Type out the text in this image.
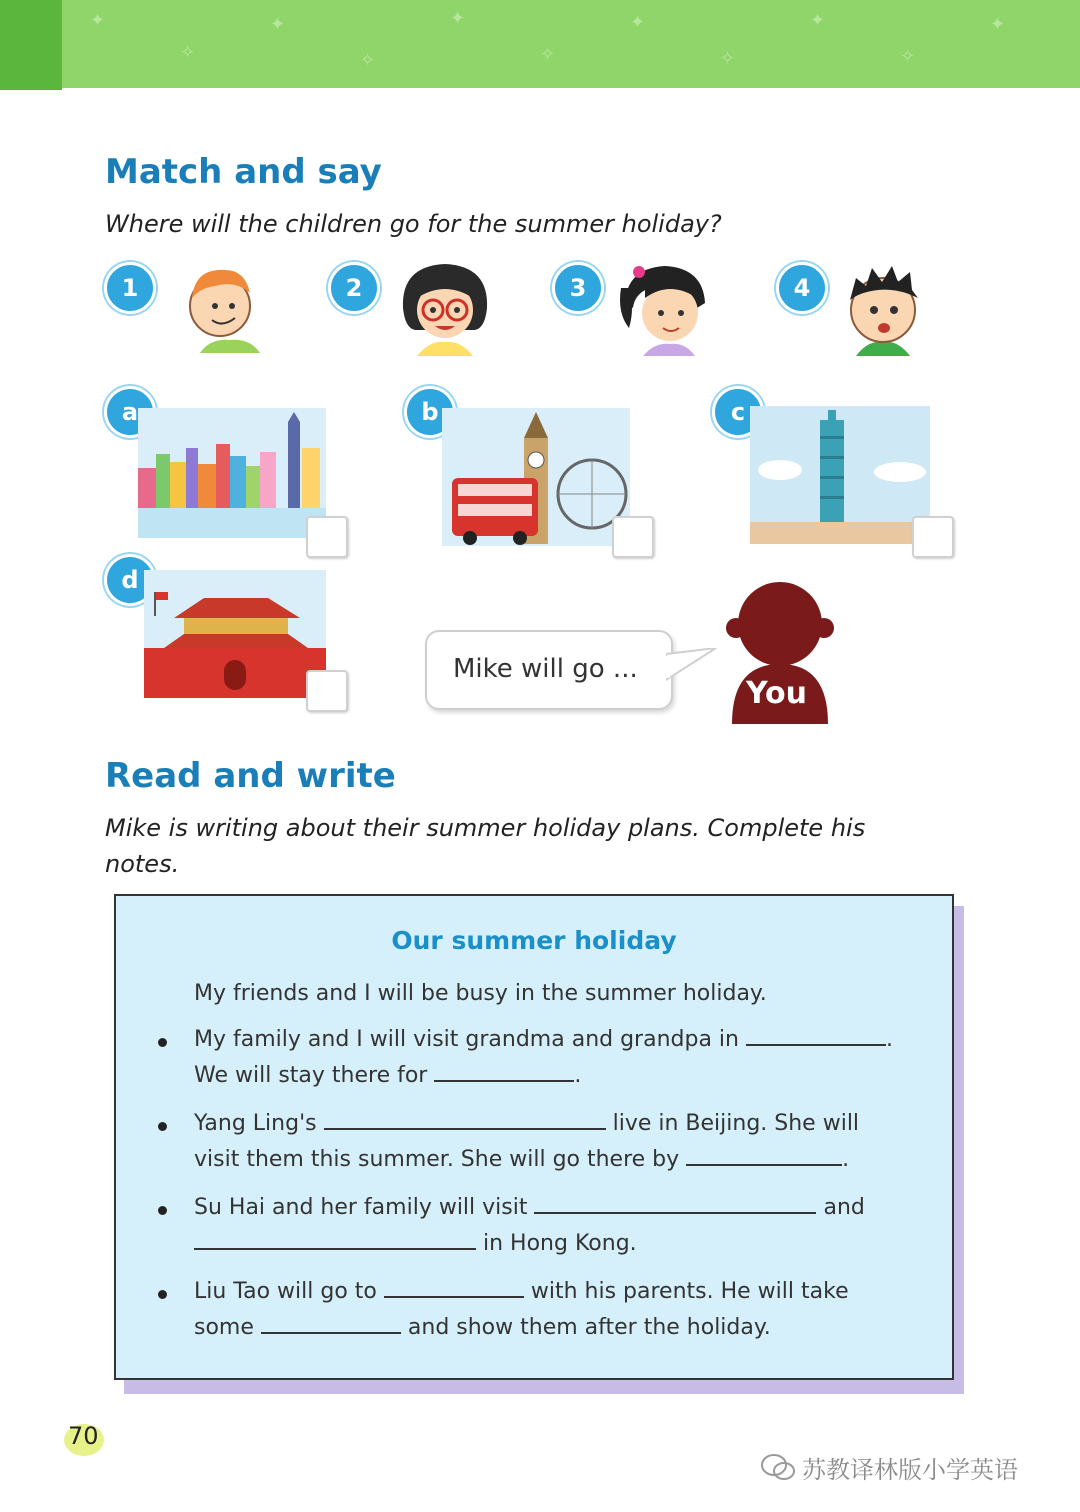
✦
✧
✦
✧
✦
✧
✦
✧
✦
✧
✦
Match and say
Where will the children go for the summer holiday?
1	2	3	4
a	b	c
d
Mike will go ...
You
Read and write
Mike is writing about their summer holiday plans. Complete his
notes.
Our summer holiday
My friends and I will be busy in the summer holiday.
My family and I will visit grandma and grandpa in	.
We will stay there for	.
Yang Ling's	live in Beijing. She will
visit them this summer. She will go there by	.
Su Hai and her family will visit	and
in Hong Kong.
Liu Tao will go to	with his parents. He will take
some	and show them after the holiday.
70
苏教译林版小学英语
